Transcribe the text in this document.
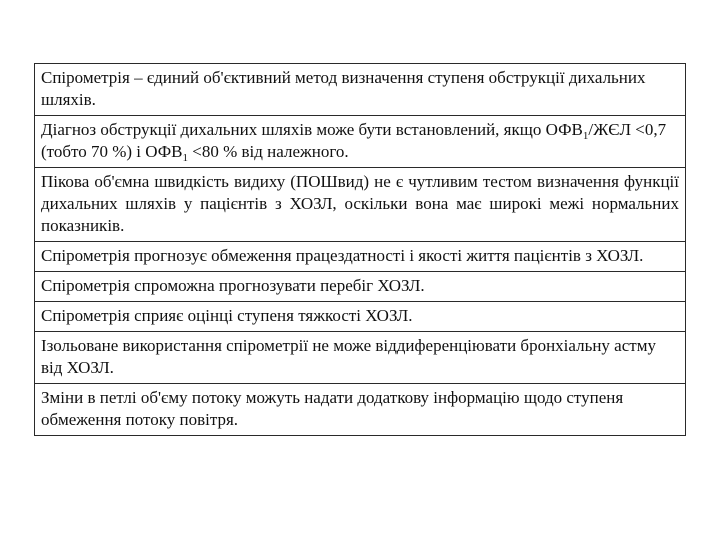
Спірометрія – єдиний об'єктивний метод визначення ступеня обструкції дихальних шляхів.
Діагноз обструкції дихальних шляхів може бути встановлений, якщо $ОФВ_1$/ЖЄЛ <0,7 (тобто 70 %) і $ОФВ_1 <80$ % від належного.
Пікова об'ємна швидкість видиху (ПОШвид) не є чутливим тестом визначення функції дихальних шляхів у пацієнтів з ХОЗЛ, оскільки вона має широкі межі нормальних показників.
Спірометрія прогнозує обмеження працездатності і якості життя пацієнтів з ХОЗЛ.
Спірометрія спроможна прогнозувати перебіг ХОЗЛ.
Спірометрія сприяє оцінці ступеня тяжкості ХОЗЛ.
Ізольоване використання спірометрії не може віддиференціювати бронхіальну астму від ХОЗЛ.
Зміни в петлі об'єму потоку можуть надати додаткову інформацію щодо ступеня обмеження потоку повітря.
